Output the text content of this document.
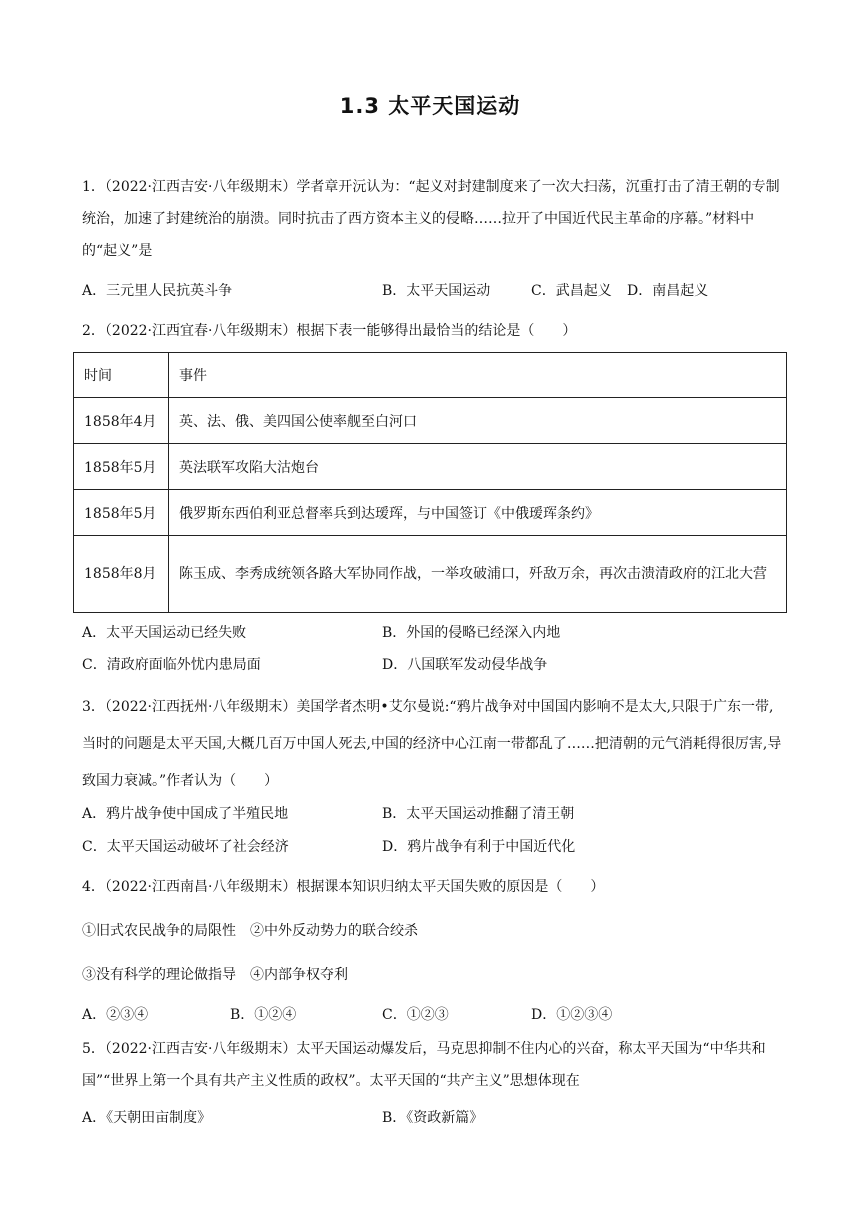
1.3 太平天国运动
1．（2022·江西吉安·八年级期末）学者章开沅认为：“起义对封建制度来了一次大扫荡，沉重打击了清王朝的专制统治，加速了封建统治的崩溃。同时抗击了西方资本主义的侵略……拉开了中国近代民主革命的序幕。”材料中的“起义”是
A．三元里人民抗英斗争	B．太平天国运动	C．武昌起义 D．南昌起义
2．（2022·江西宜春·八年级期末）根据下表一能够得出最恰当的结论是（　　）
时间	事件
1858年4月	英、法、俄、美四国公使率舰至白河口
1858年5月	英法联军攻陷大沽炮台
1858年5月	俄罗斯东西伯利亚总督率兵到达瑷珲，与中国签订《中俄瑷珲条约》
1858年8月	陈玉成、李秀成统领各路大军协同作战，一举攻破浦口，歼敌万余，再次击溃清政府的江北大营
A．太平天国运动已经失败	B．外国的侵略已经深入内地
C．清政府面临外忧内患局面	D．八国联军发动侵华战争
3．（2022·江西抚州·八年级期末）美国学者杰明•艾尔曼说:“鸦片战争对中国国内影响不是太大,只限于广东一带,当时的问题是太平天国,大概几百万中国人死去,中国的经济中心江南一带都乱了……把清朝的元气消耗得很厉害,导致国力衰减。”作者认为（　　）
A．鸦片战争使中国成了半殖民地	B．太平天国运动推翻了清王朝
C．太平天国运动破坏了社会经济	D．鸦片战争有利于中国近代化
4．（2022·江西南昌·八年级期末）根据课本知识归纳太平天国失败的原因是（　　）
①旧式农民战争的局限性　②中外反动势力的联合绞杀
③没有科学的理论做指导　④内部争权夺利
A．②③④	B．①②④	C．①②③	D．①②③④
5．（2022·江西吉安·八年级期末）太平天国运动爆发后，马克思抑制不住内心的兴奋，称太平天国为“中华共和国”“世界上第一个具有共产主义性质的政权”。太平天国的“共产主义”思想体现在
A．《天朝田亩制度》	B．《资政新篇》
